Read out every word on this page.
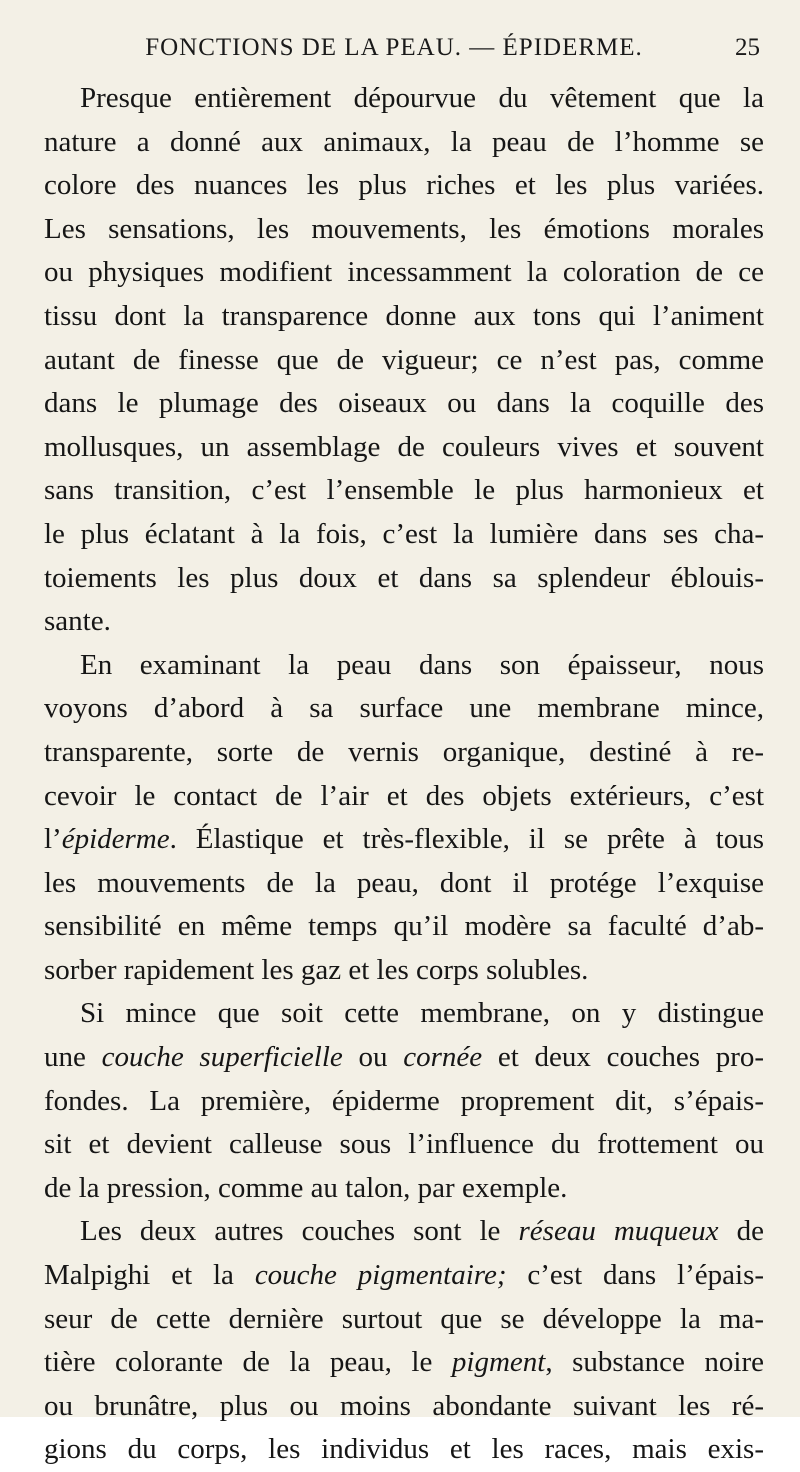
FONCTIONS DE LA PEAU. — ÉPIDERME.	25
Presque entièrement dépourvue du vêtement que la
nature a donné aux animaux, la peau de l’homme se
colore des nuances les plus riches et les plus variées.
Les sensations, les mouvements, les émotions morales
ou physiques modifient incessamment la coloration de ce
tissu dont la transparence donne aux tons qui l’animent
autant de finesse que de vigueur; ce n’est pas, comme
dans le plumage des oiseaux ou dans la coquille des
mollusques, un assemblage de couleurs vives et souvent
sans transition, c’est l’ensemble le plus harmonieux et
le plus éclatant à la fois, c’est la lumière dans ses cha-
toiements les plus doux et dans sa splendeur éblouis-
sante.
En examinant la peau dans son épaisseur, nous
voyons d’abord à sa surface une membrane mince,
transparente, sorte de vernis organique, destiné à re-
cevoir le contact de l’air et des objets extérieurs, c’est
l’épiderme. Élastique et très-flexible, il se prête à tous
les mouvements de la peau, dont il protége l’exquise
sensibilité en même temps qu’il modère sa faculté d’ab-
sorber rapidement les gaz et les corps solubles.
Si mince que soit cette membrane, on y distingue
une couche superficielle ou cornée et deux couches pro-
fondes. La première, épiderme proprement dit, s’épais-
sit et devient calleuse sous l’influence du frottement ou
de la pression, comme au talon, par exemple.
Les deux autres couches sont le réseau muqueux de
Malpighi et la couche pigmentaire; c’est dans l’épais-
seur de cette dernière surtout que se développe la ma-
tière colorante de la peau, le pigment, substance noire
ou brunâtre, plus ou moins abondante suivant les ré-
gions du corps, les individus et les races, mais exis-
